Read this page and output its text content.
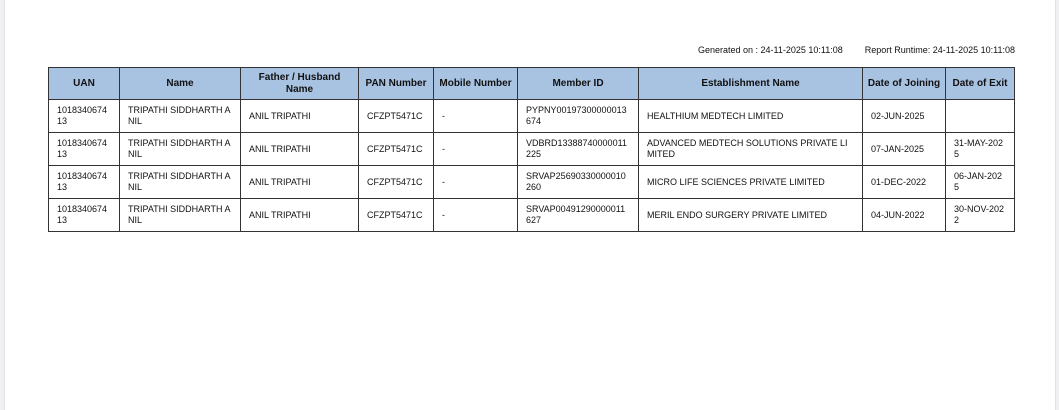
Generated on : 24-11-2025 10:11:08 Report Runtime: 24-11-2025 10:11:08
UAN	Name	Father / Husband Name	PAN Number	Mobile Number	Member ID	Establishment Name	Date of Joining	Date of Exit
101834067413	TRIPATHI SIDDHARTH ANIL	ANIL TRIPATHI	CFZPT5471C	-	PYPNY00197300000013674	HEALTHIUM MEDTECH LIMITED	02-JUN-2025	
101834067413	TRIPATHI SIDDHARTH ANIL	ANIL TRIPATHI	CFZPT5471C	-	VDBRD13388740000011225	ADVANCED MEDTECH SOLUTIONS PRIVATE LIMITED	07-JAN-2025	31-MAY-2025
101834067413	TRIPATHI SIDDHARTH ANIL	ANIL TRIPATHI	CFZPT5471C	-	SRVAP25690330000010260	MICRO LIFE SCIENCES PRIVATE LIMITED	01-DEC-2022	06-JAN-2025
101834067413	TRIPATHI SIDDHARTH ANIL	ANIL TRIPATHI	CFZPT5471C	-	SRVAP00491290000011627	MERIL ENDO SURGERY PRIVATE LIMITED	04-JUN-2022	30-NOV-2022
